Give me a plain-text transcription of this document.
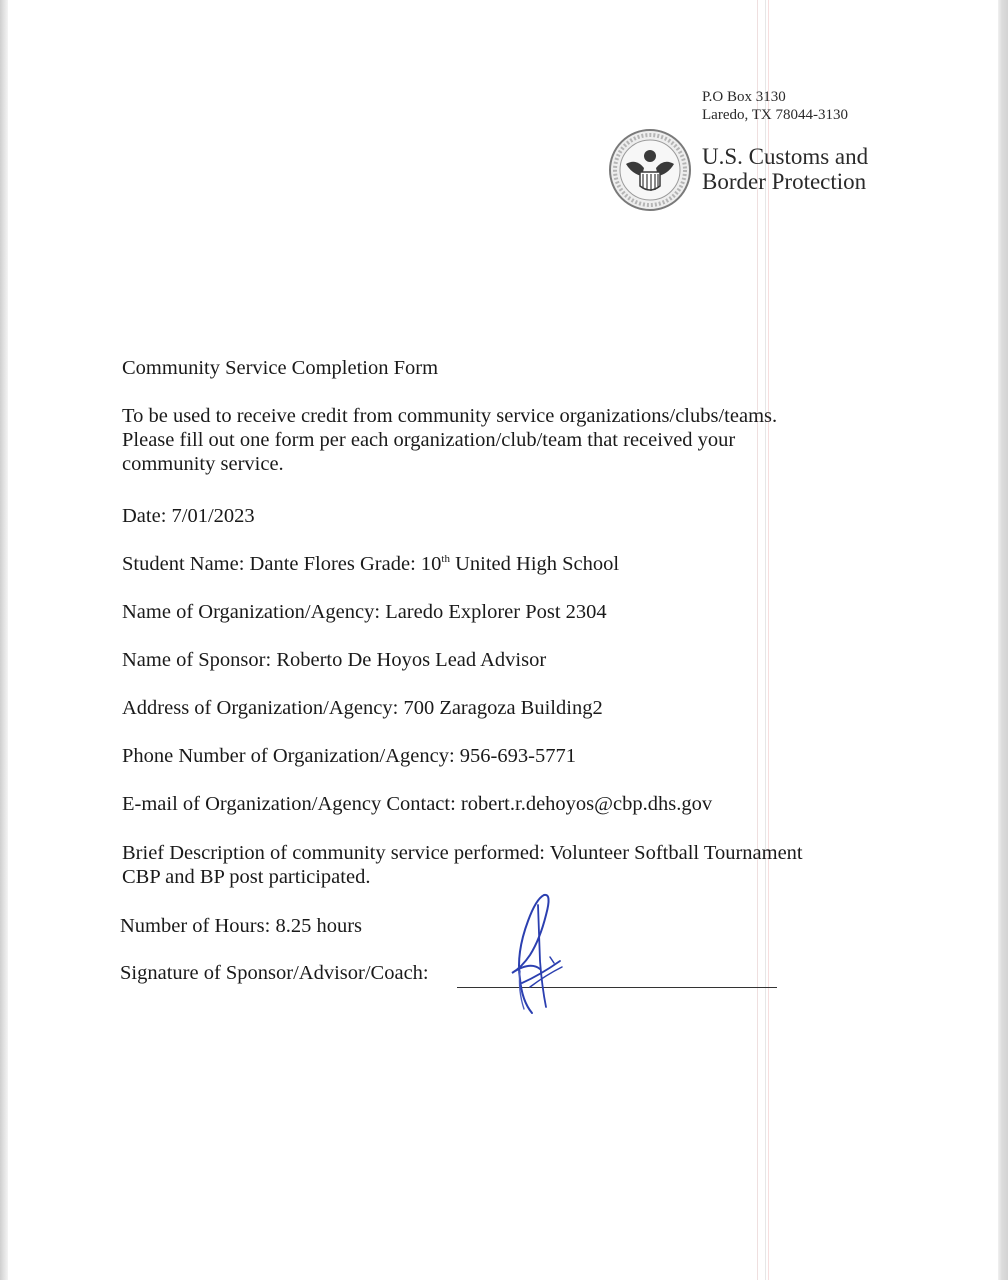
P.O Box 3130
Laredo, TX 78044-3130
U.S. Customs and
Border Protection

Community Service Completion Form

To be used to receive credit from community service organizations/clubs/teams.

Please fill out one form per each organization/club/team that received your

community service.

Date: 7/01/2023

Student Name: Dante Flores Grade: 10th United High School

Name of Organization/Agency: Laredo Explorer Post 2304

Name of Sponsor: Roberto De Hoyos Lead Advisor

Address of Organization/Agency: 700 Zaragoza Building2

Phone Number of Organization/Agency: 956-693-5771

E-mail of Organization/Agency Contact: robert.r.dehoyos@cbp.dhs.gov

Brief Description of community service performed: Volunteer Softball Tournament

CBP and BP post participated.

Number of Hours: 8.25 hours

Signature of Sponsor/Advisor/Coach:
